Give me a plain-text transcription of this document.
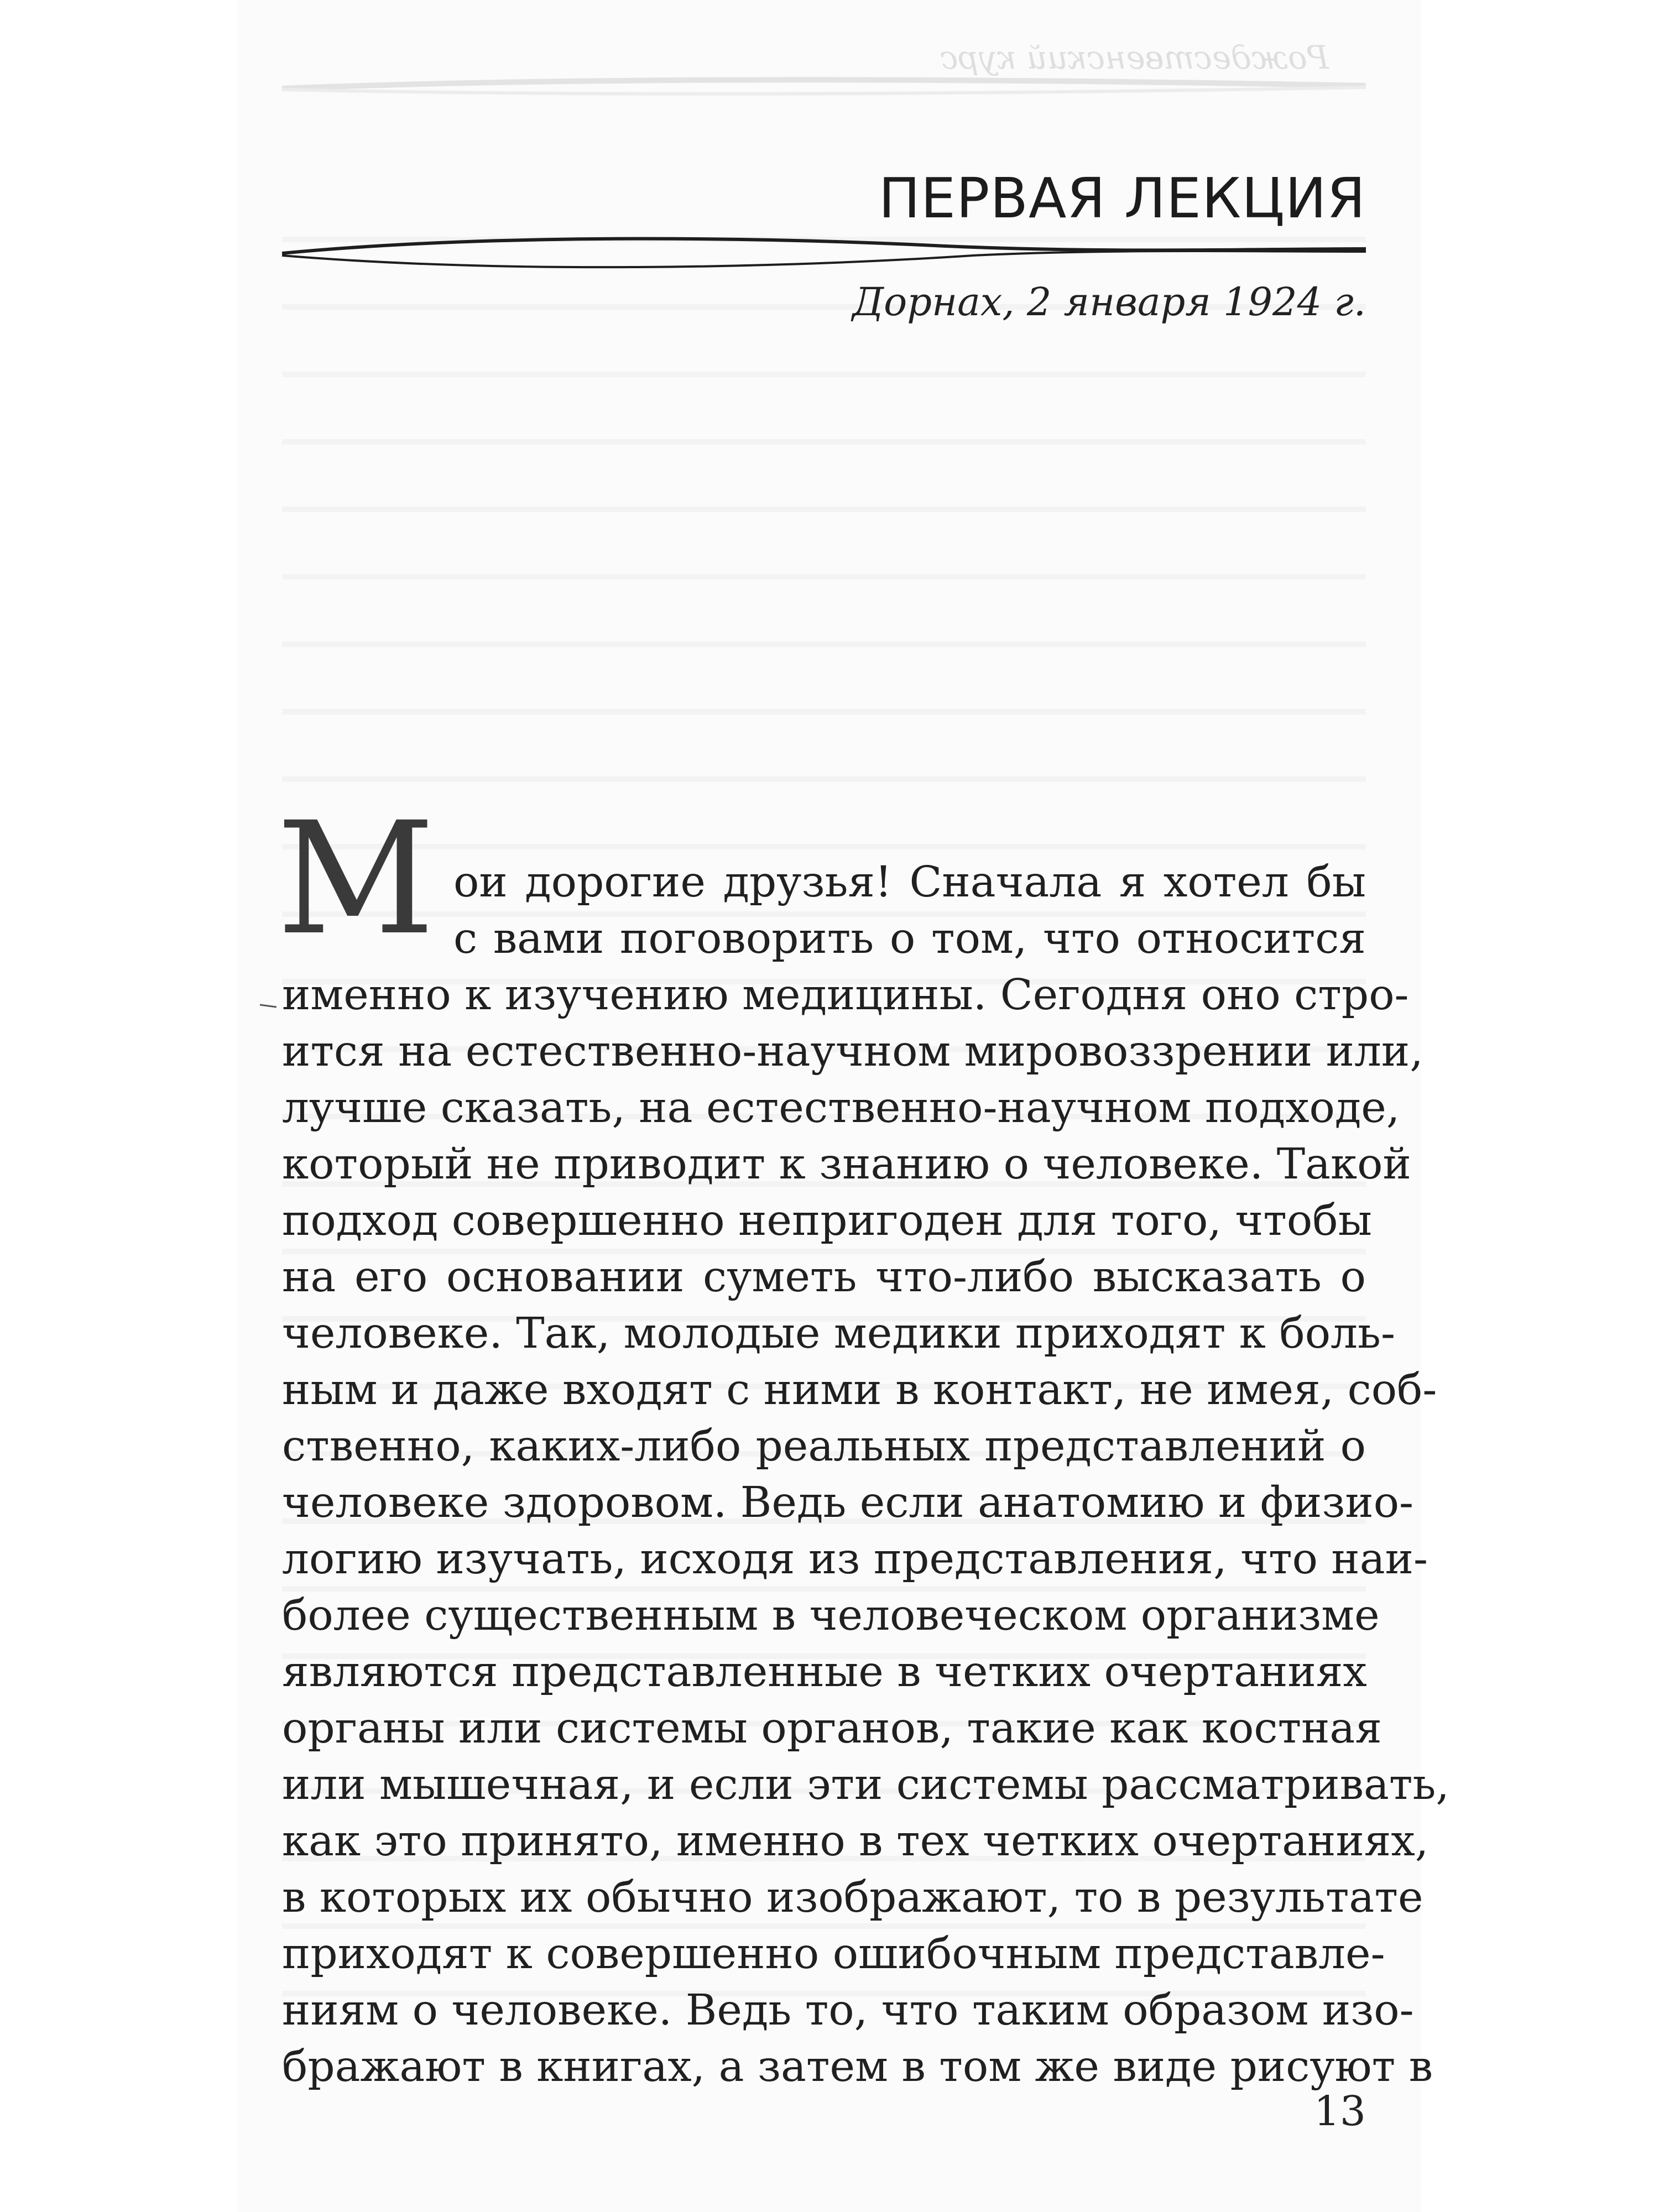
Рождественский курс
ПЕРВАЯ ЛЕКЦИЯ

Дорнах, 2 января 1924 г.

М ои дорогие друзья! Сначала я хотел бы
с вами поговорить о том, что относится
именно к изучению медицины. Сегодня оно стро-
ится на естественно-научном мировоззрении или,
лучше сказать, на естественно-научном подходе,
который не приводит к знанию о человеке. Такой
подход совершенно непригоден для того, чтобы
на его основании суметь что-либо высказать о
человеке. Так, молодые медики приходят к боль-
ным и даже входят с ними в контакт, не имея, соб-
ственно, каких-либо реальных представлений о
человеке здоровом. Ведь если анатомию и физио-
логию изучать, исходя из представления, что наи-
более существенным в человеческом организме
являются представленные в четких очертаниях
органы или системы органов, такие как костная
или мышечная, и если эти системы рассматривать,
как это принято, именно в тех четких очертаниях,
в которых их обычно изображают, то в результате
приходят к совершенно ошибочным представле-
ниям о человеке. Ведь то, что таким образом изо-
бражают в книгах, а затем в том же виде рисуют в
13
